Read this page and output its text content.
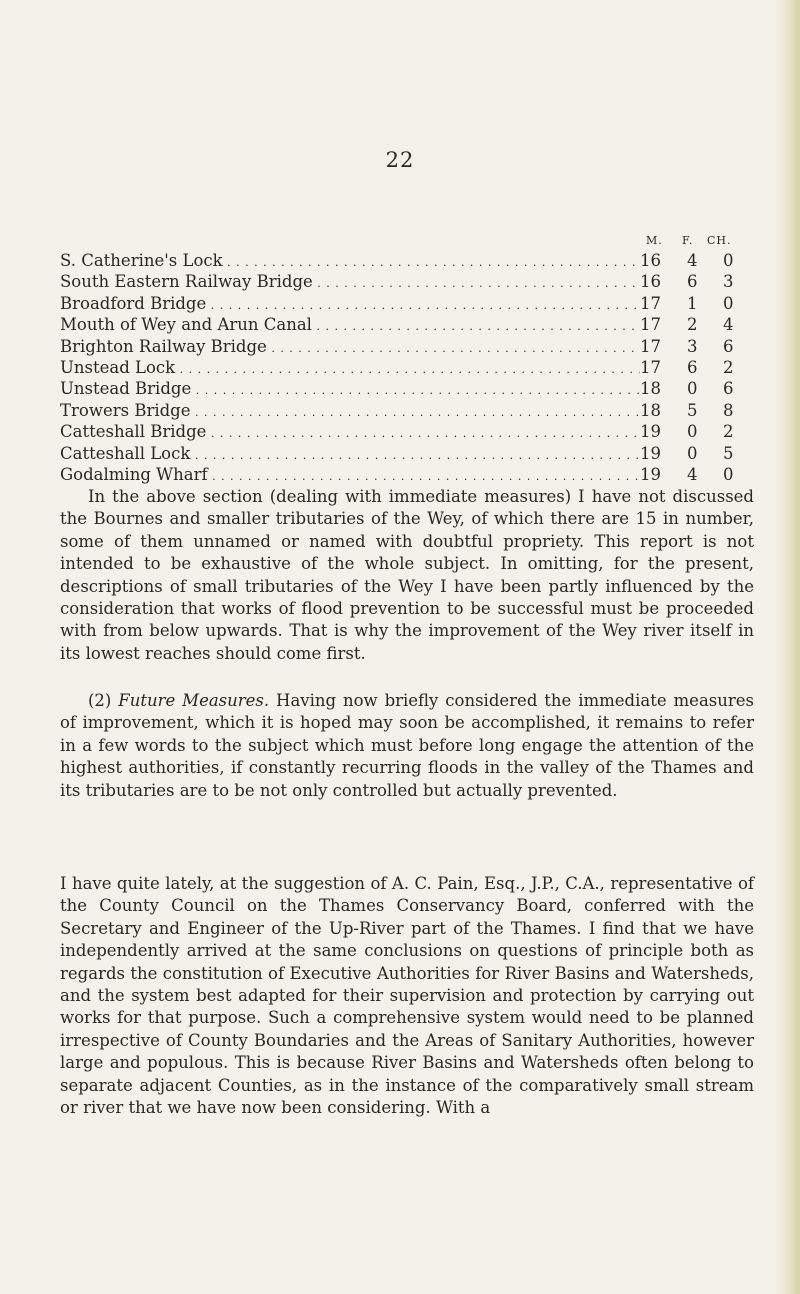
22
M. F. CH.
S. Catherine's Lock . . .	16	4	0
South Eastern Railway Bridge . . .	16	6	3
Broadford Bridge . . .	17	1	0
Mouth of Wey and Arun Canal . . .	17	2	4
Brighton Railway Bridge . . .	17	3	6
Unstead Lock . . .	17	6	2
Unstead Bridge . . .	18	0	6
Trowers Bridge . . .	18	5	8
Catteshall Bridge . . .	19	0	2
Catteshall Lock . . .	19	0	5
Godalming Wharf . . .	19	4	0

In the above section (dealing with immediate measures) I have not discussed the Bournes and smaller tributaries of the Wey, of which there are 15 in number, some of them unnamed or named with doubtful propriety. This report is not intended to be exhaustive of the whole subject. In omitting, for the present, descriptions of small tributaries of the Wey I have been partly influenced by the consideration that works of flood prevention to be successful must be proceeded with from below upwards. That is why the improvement of the Wey river itself in its lowest reaches should come first.

(2) Future Measures. Having now briefly considered the immediate measures of improvement, which it is hoped may soon be accomplished, it remains to refer in a few words to the subject which must before long engage the attention of the highest authorities, if constantly recurring floods in the valley of the Thames and its tributaries are to be not only controlled but actually prevented.

I have quite lately, at the suggestion of A. C. Pain, Esq., J.P., C.A., representative of the County Council on the Thames Conservancy Board, conferred with the Secretary and Engineer of the Up-River part of the Thames. I find that we have independently arrived at the same conclusions on questions of principle both as regards the constitution of Executive Authorities for River Basins and Watersheds, and the system best adapted for their supervision and protection by carrying out works for that purpose. Such a comprehensive system would need to be planned irrespective of County Boundaries and the Areas of Sanitary Authorities, however large and populous. This is because River Basins and Watersheds often belong to separate adjacent Counties, as in the instance of the comparatively small stream or river that we have now been considering. With a
